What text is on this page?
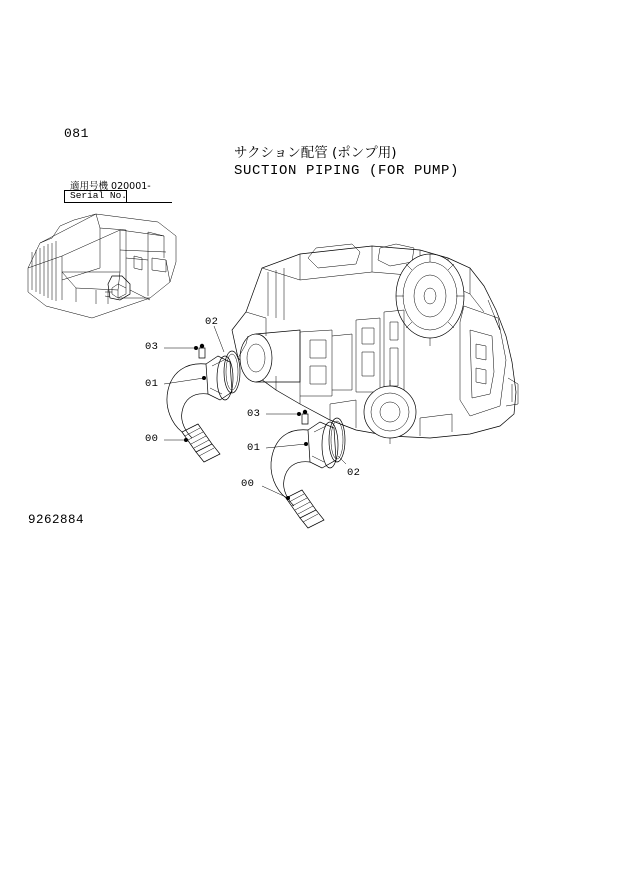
081
サクション配管 (ポンプ用)
SUCTION PIPING (FOR PUMP)
適用号機 020001-
Serial No.
9262884
02
03
01
00
03
01
02
00
